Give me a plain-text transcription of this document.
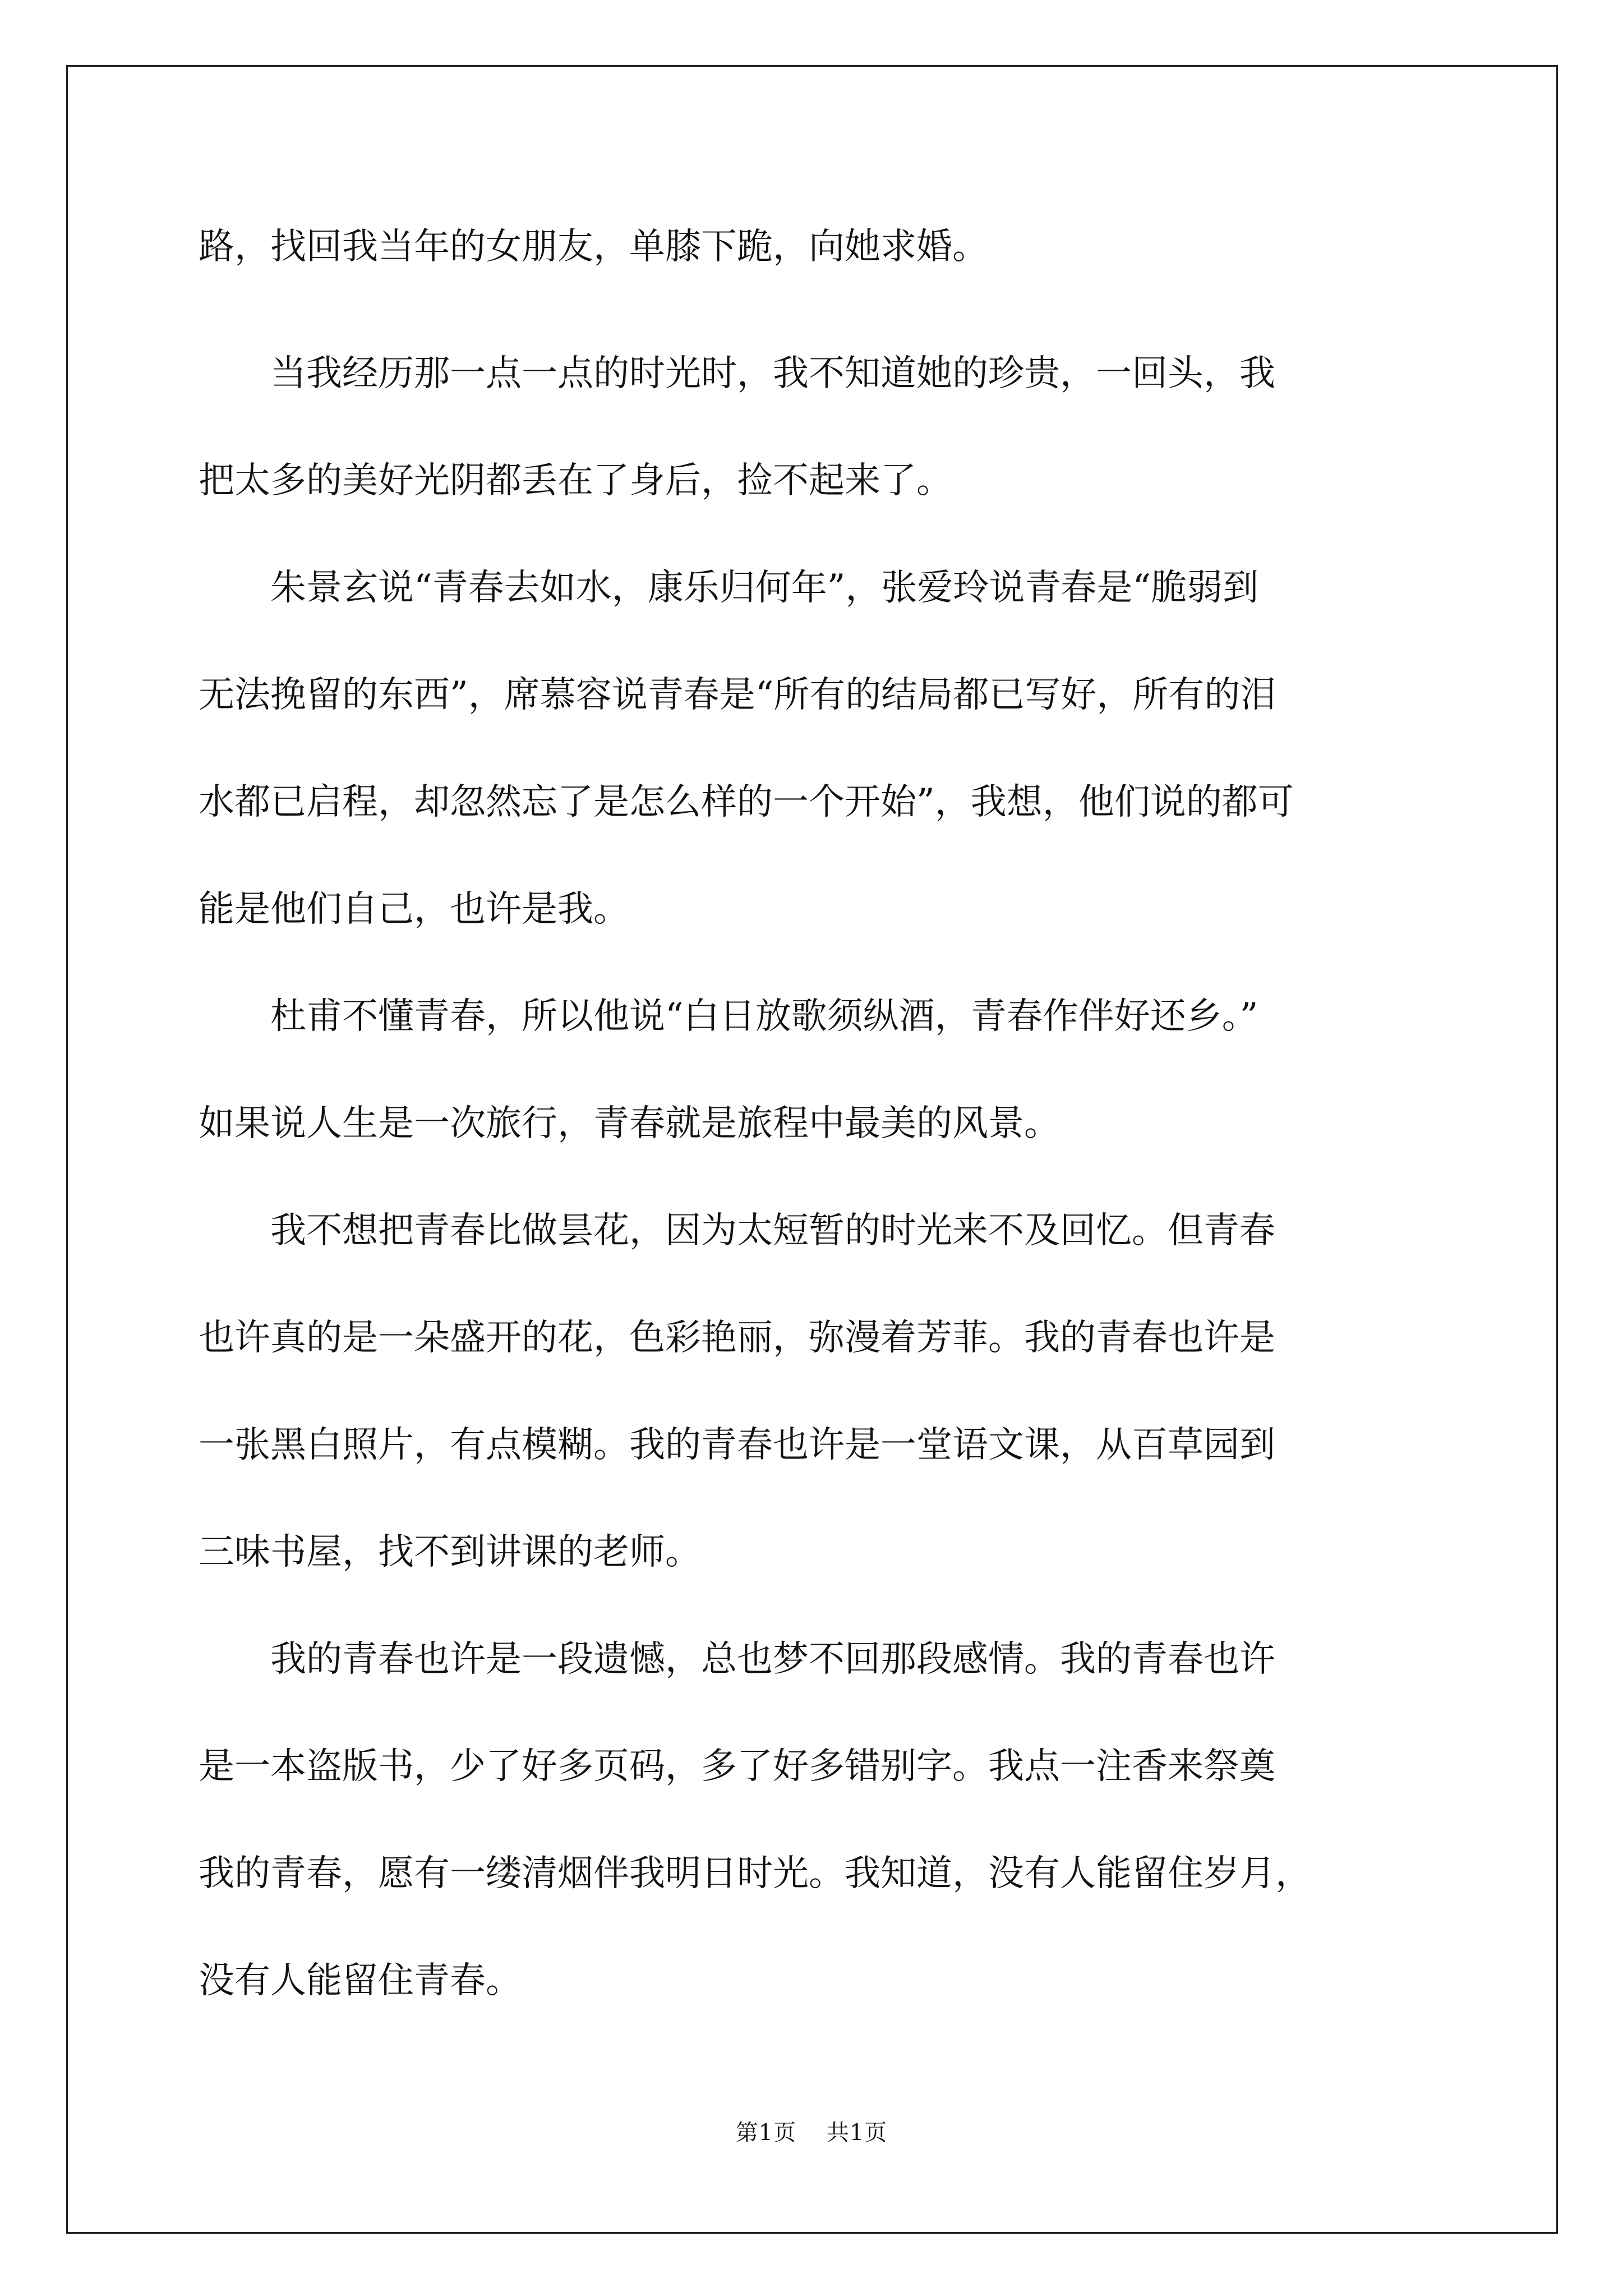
路，找回我当年的女朋友，单膝下跪，向她求婚。
　　当我经历那一点一点的时光时，我不知道她的珍贵，一回头，我
把太多的美好光阴都丢在了身后，捡不起来了。
　　朱景玄说“青春去如水，康乐归何年”，张爱玲说青春是“脆弱到
无法挽留的东西”，席慕容说青春是“所有的结局都已写好，所有的泪
水都已启程，却忽然忘了是怎么样的一个开始”，我想，他们说的都可
能是他们自己，也许是我。
　　杜甫不懂青春，所以他说“白日放歌须纵酒，青春作伴好还乡。”
如果说人生是一次旅行，青春就是旅程中最美的风景。
　　我不想把青春比做昙花，因为太短暂的时光来不及回忆。但青春
也许真的是一朵盛开的花，色彩艳丽，弥漫着芳菲。我的青春也许是
一张黑白照片，有点模糊。我的青春也许是一堂语文课，从百草园到
三味书屋，找不到讲课的老师。
　　我的青春也许是一段遗憾，总也梦不回那段感情。我的青春也许
是一本盗版书，少了好多页码，多了好多错别字。我点一注香来祭奠
我的青春，愿有一缕清烟伴我明日时光。我知道，没有人能留住岁月，
没有人能留住青春。
第1页 共1页
